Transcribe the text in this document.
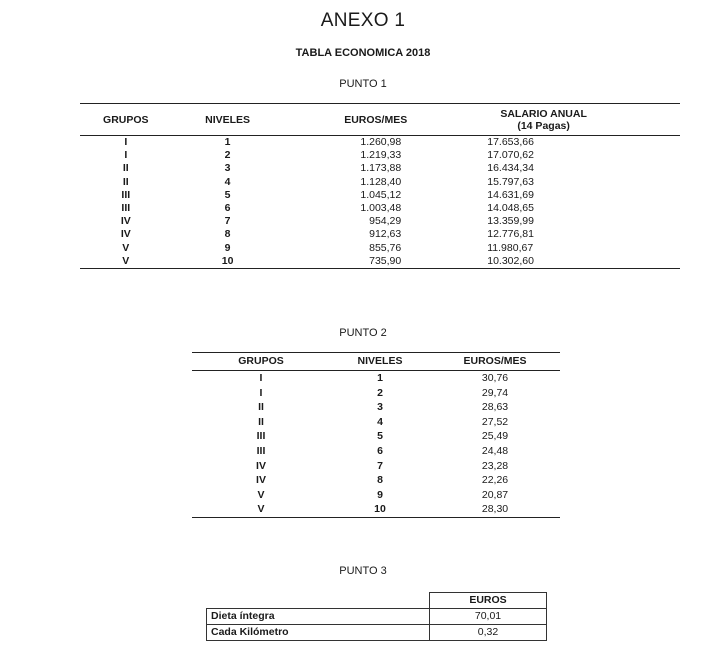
ANEXO 1
TABLA ECONOMICA 2018
PUNTO 1
GRUPOS	NIVELES	EUROS/MES	SALARIO ANUAL
(14 Pagas)
I	1	1.260,98	17.653,66
I	2	1.219,33	17.070,62
II	3	1.173,88	16.434,34
II	4	1.128,40	15.797,63
III	5	1.045,12	14.631,69
III	6	1.003,48	14.048,65
IV	7	954,29	13.359,99
IV	8	912,63	12.776,81
V	9	855,76	11.980,67
V	10	735,90	10.302,60
PUNTO 2
GRUPOS	NIVELES	EUROS/MES
I	1	30,76
I	2	29,74
II	3	28,63
II	4	27,52
III	5	25,49
III	6	24,48
IV	7	23,28
IV	8	22,26
V	9	20,87
V	10	28,30
PUNTO 3
	EUROS
Dieta íntegra	70,01
Cada Kilómetro	0,32
